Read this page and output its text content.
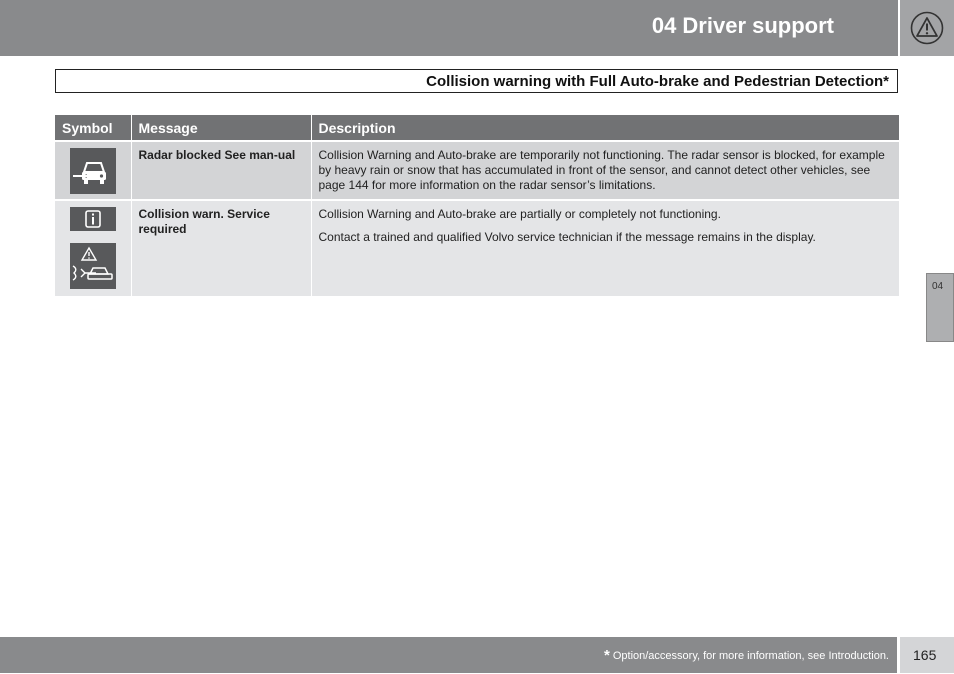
04 Driver support
Collision warning with Full Auto-brake and Pedestrian Detection*
Symbol	Message	Description

	Radar blocked See man-ual	Collision Warning and Auto-brake are temporarily not functioning. The radar sensor is blocked, for example by heavy rain or snow that has accumulated in front of the sensor, and cannot detect other vehicles, see page 144 for more information on the radar sensor’s limitations.

	Collision warn. Service required	Collision Warning and Auto-brake are partially or completely not functioning.

Contact a trained and qualified Volvo service technician if the message remains in the display.

04
* Option/accessory, for more information, see Introduction. 165
